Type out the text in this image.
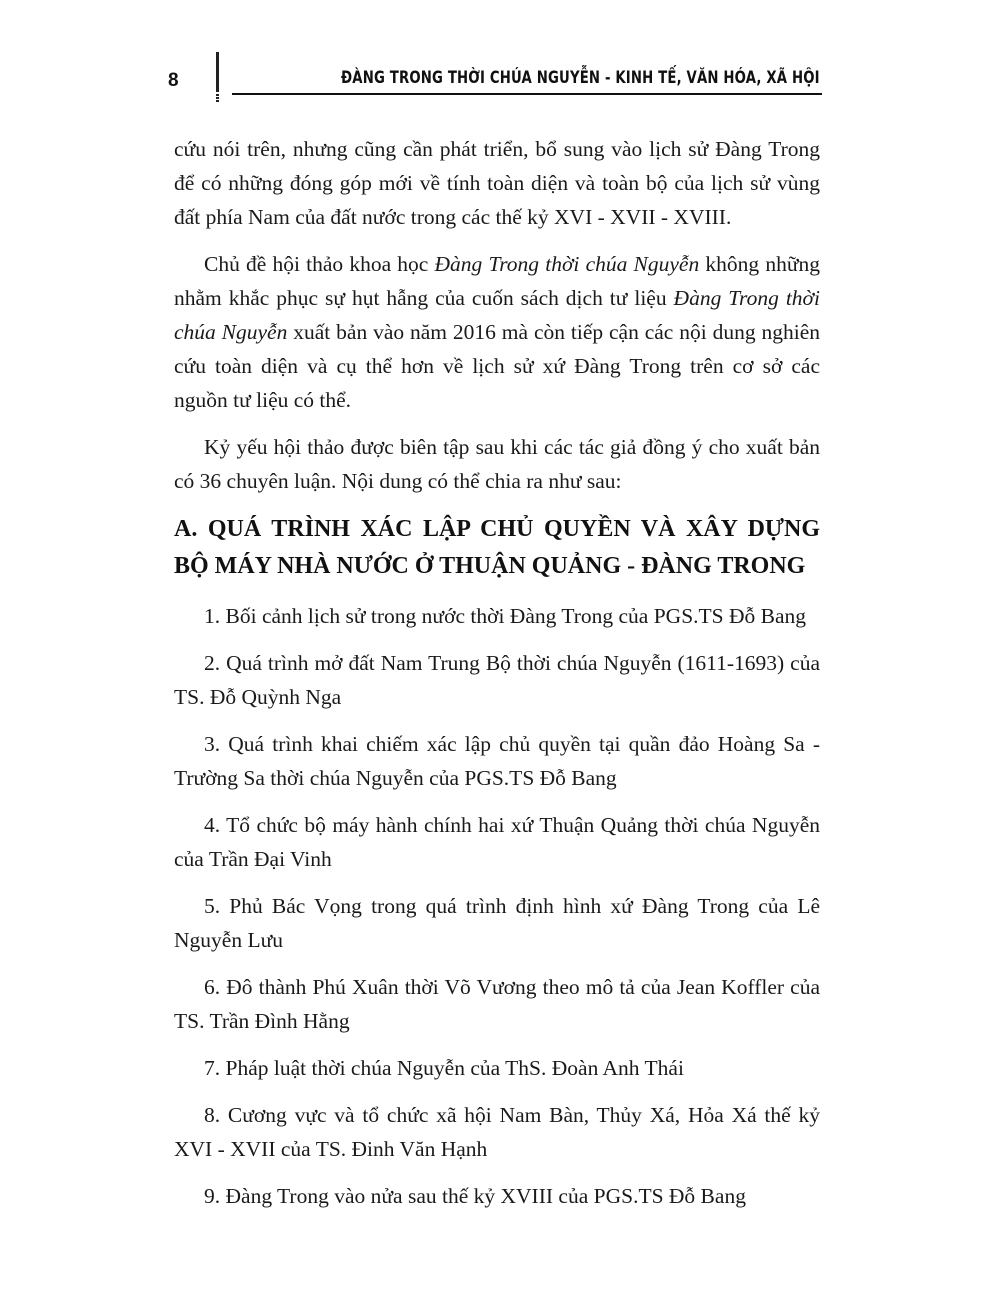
8	ĐÀNG TRONG THỜI CHÚA NGUYỄN - KINH TẾ, VĂN HÓA, XÃ HỘI

cứu nói trên, nhưng cũng cần phát triển, bổ sung vào lịch sử Đàng Trong để có những đóng góp mới về tính toàn diện và toàn bộ của lịch sử vùng đất phía Nam của đất nước trong các thế kỷ XVI - XVII - XVIII.

Chủ đề hội thảo khoa học Đàng Trong thời chúa Nguyễn không những nhằm khắc phục sự hụt hẫng của cuốn sách dịch tư liệu Đàng Trong thời chúa Nguyễn xuất bản vào năm 2016 mà còn tiếp cận các nội dung nghiên cứu toàn diện và cụ thể hơn về lịch sử xứ Đàng Trong trên cơ sở các nguồn tư liệu có thể.

Kỷ yếu hội thảo được biên tập sau khi các tác giả đồng ý cho xuất bản có 36 chuyên luận. Nội dung có thể chia ra như sau:

A. QUÁ TRÌNH XÁC LẬP CHỦ QUYỀN VÀ XÂY DỰNG BỘ MÁY NHÀ NƯỚC Ở THUẬN QUẢNG - ĐÀNG TRONG
1. Bối cảnh lịch sử trong nước thời Đàng Trong của PGS.TS Đỗ Bang
2. Quá trình mở đất Nam Trung Bộ thời chúa Nguyễn (1611-1693) của TS. Đỗ Quỳnh Nga
3. Quá trình khai chiếm xác lập chủ quyền tại quần đảo Hoàng Sa - Trường Sa thời chúa Nguyễn của PGS.TS Đỗ Bang
4. Tổ chức bộ máy hành chính hai xứ Thuận Quảng thời chúa Nguyễn của Trần Đại Vinh
5. Phủ Bác Vọng trong quá trình định hình xứ Đàng Trong của Lê Nguyễn Lưu
6. Đô thành Phú Xuân thời Võ Vương theo mô tả của Jean Koffler của TS. Trần Đình Hằng
7. Pháp luật thời chúa Nguyễn của ThS. Đoàn Anh Thái
8. Cương vực và tổ chức xã hội Nam Bàn, Thủy Xá, Hỏa Xá thế kỷ XVI - XVII của TS. Đinh Văn Hạnh
9. Đàng Trong vào nửa sau thế kỷ XVIII của PGS.TS Đỗ Bang
